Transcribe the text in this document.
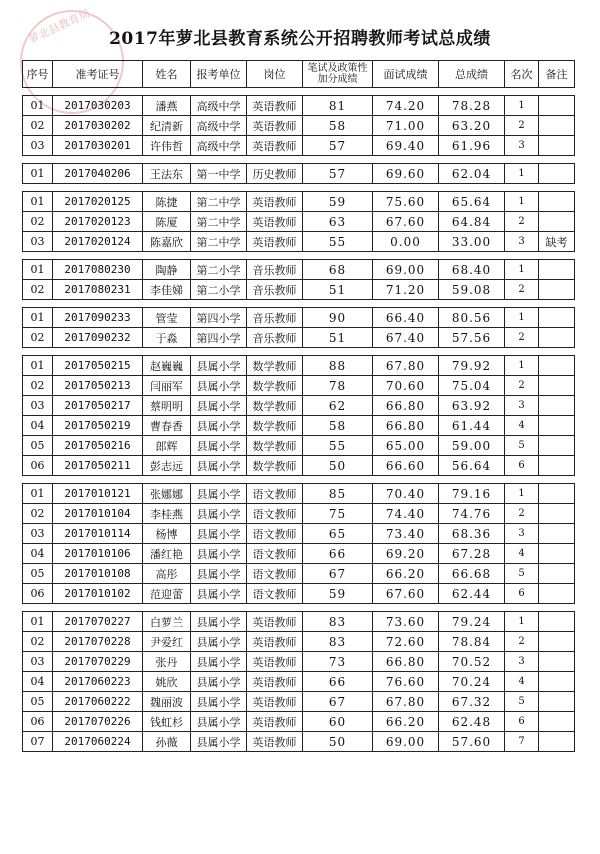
萝北县教育局	2017年萝北县教育系统公开招聘教师考试总成绩
序号	准考证号	姓名	报考单位	岗位	笔试及政策性加分成绩	面试成绩	总成绩	名次	备注

01	2017030203	潘燕	高级中学	英语教师	81	74.20	78.28	1	
02	2017030202	纪清新	高级中学	英语教师	58	71.00	63.20	2	
03	2017030201	许伟哲	高级中学	英语教师	57	69.40	61.96	3	

01	2017040206	王法东	第一中学	历史教师	57	69.60	62.04	1	

01	2017020125	陈捷	第二中学	英语教师	59	75.60	65.64	1	
02	2017020123	陈厦	第二中学	英语教师	63	67.60	64.84	2	
03	2017020124	陈嘉欣	第二中学	英语教师	55	0.00	33.00	3	缺考

01	2017080230	陶静	第二小学	音乐教师	68	69.00	68.40	1	
02	2017080231	李佳娣	第二小学	音乐教师	51	71.20	59.08	2	

01	2017090233	管莹	第四小学	音乐教师	90	66.40	80.56	1	
02	2017090232	于淼	第四小学	音乐教师	51	67.40	57.56	2	

01	2017050215	赵巍巍	县属小学	数学教师	88	67.80	79.92	1	
02	2017050213	闫丽军	县属小学	数学教师	78	70.60	75.04	2	
03	2017050217	蔡明明	县属小学	数学教师	62	66.80	63.92	3	
04	2017050219	曹春香	县属小学	数学教师	58	66.80	61.44	4	
05	2017050216	郎辉	县属小学	数学教师	55	65.00	59.00	5	
06	2017050211	彭志远	县属小学	数学教师	50	66.60	56.64	6	

01	2017010121	张娜娜	县属小学	语文教师	85	70.40	79.16	1	
02	2017010104	李桂燕	县属小学	语文教师	75	74.40	74.76	2	
03	2017010114	杨博	县属小学	语文教师	65	73.40	68.36	3	
04	2017010106	潘红艳	县属小学	语文教师	66	69.20	67.28	4	
05	2017010108	高彤	县属小学	语文教师	67	66.20	66.68	5	
06	2017010102	范迎蕾	县属小学	语文教师	59	67.60	62.44	6	

01	2017070227	白萝兰	县属小学	英语教师	83	73.60	79.24	1	
02	2017070228	尹爱红	县属小学	英语教师	83	72.60	78.84	2	
03	2017070229	张丹	县属小学	英语教师	73	66.80	70.52	3	
04	2017060223	姚欣	县属小学	英语教师	66	76.60	70.24	4	
05	2017060222	魏丽波	县属小学	英语教师	67	67.80	67.32	5	
06	2017070226	钱虹杉	县属小学	英语教师	60	66.20	62.48	6	
07	2017060224	孙薇	县属小学	英语教师	50	69.00	57.60	7	
